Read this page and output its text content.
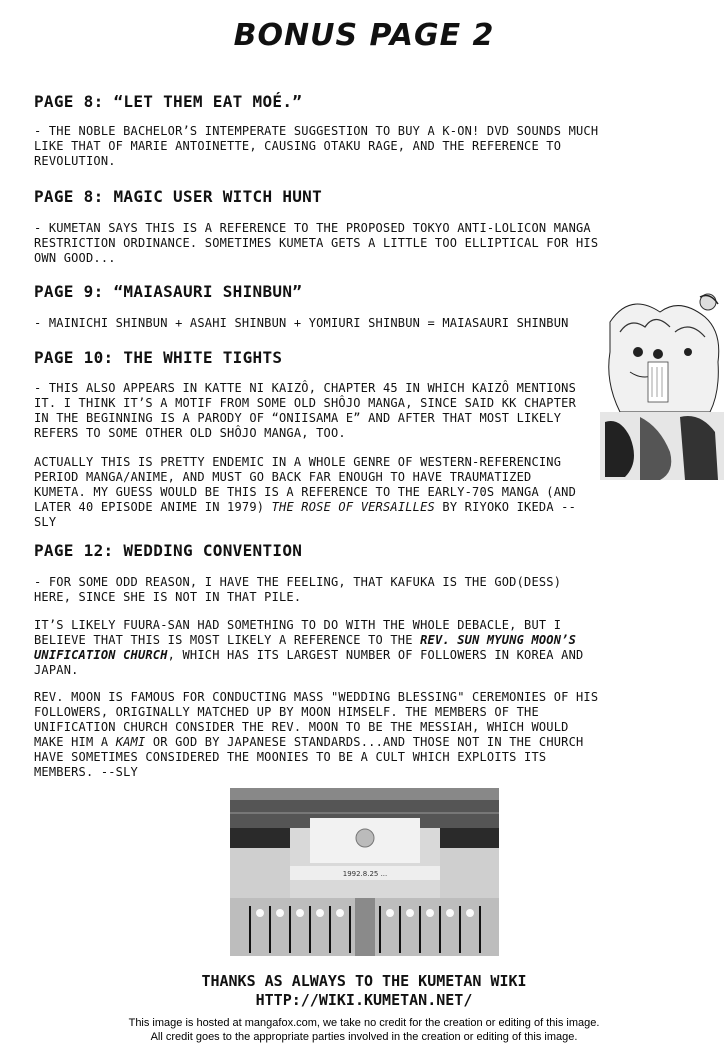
BONUS PAGE 2
PAGE 8: “LET THEM EAT MOÉ.”
- THE NOBLE BACHELOR’S INTEMPERATE SUGGESTION TO BUY A K-ON! DVD SOUNDS MUCH LIKE THAT OF MARIE ANTOINETTE, CAUSING OTAKU RAGE, AND THE REFERENCE TO REVOLUTION.
PAGE 8: MAGIC USER WITCH HUNT
- KUMETAN SAYS THIS IS A REFERENCE TO THE PROPOSED TOKYO ANTI-LOLICON MANGA RESTRICTION ORDINANCE. SOMETIMES KUMETA GETS A LITTLE TOO ELLIPTICAL FOR HIS OWN GOOD...
PAGE 9: “MAIASAURI SHINBUN”
- MAINICHI SHINBUN + ASAHI SHINBUN + YOMIURI SHINBUN = MAIASAURI SHINBUN
PAGE 10: THE WHITE TIGHTS
- THIS ALSO APPEARS IN KATTE NI KAIZÔ, CHAPTER 45 IN WHICH KAIZÔ MENTIONS IT. I THINK IT’S A MOTIF FROM SOME OLD SHÔJO MANGA, SINCE SAID KK CHAPTER IN THE BEGINNING IS A PARODY OF “ONIISAMA E” AND AFTER THAT MOST LIKELY REFERS TO SOME OTHER OLD SHÔJO MANGA, TOO.
ACTUALLY THIS IS PRETTY ENDEMIC IN A WHOLE GENRE OF WESTERN-REFERENCING PERIOD MANGA/ANIME, AND MUST GO BACK FAR ENOUGH TO HAVE TRAUMATIZED KUMETA. MY GUESS WOULD BE THIS IS A REFERENCE TO THE EARLY-70S MANGA (AND LATER 40 EPISODE ANIME IN 1979) THE ROSE OF VERSAILLES BY RIYOKO IKEDA -- SLY
PAGE 12: WEDDING CONVENTION
- FOR SOME ODD REASON, I HAVE THE FEELING, THAT KAFUKA IS THE GOD(DESS) HERE, SINCE SHE IS NOT IN THAT PILE.
IT’S LIKELY FUURA-SAN HAD SOMETHING TO DO WITH THE WHOLE DEBACLE, BUT I BELIEVE THAT THIS IS MOST LIKELY A REFERENCE TO THE REV. SUN MYUNG MOON’S UNIFICATION CHURCH, WHICH HAS ITS LARGEST NUMBER OF FOLLOWERS IN KOREA AND JAPAN.
REV. MOON IS FAMOUS FOR CONDUCTING MASS "WEDDING BLESSING" CEREMONIES OF HIS FOLLOWERS, ORIGINALLY MATCHED UP BY MOON HIMSELF. THE MEMBERS OF THE UNIFICATION CHURCH CONSIDER THE REV. MOON TO BE THE MESSIAH, WHICH WOULD MAKE HIM A KAMI OR GOD BY JAPANESE STANDARDS...AND THOSE NOT IN THE CHURCH HAVE SOMETIMES CONSIDERED THE MOONIES TO BE A CULT WHICH EXPLOITS ITS MEMBERS. --SLY
1992.8.25 ...
THANKS AS ALWAYS TO THE KUMETAN WIKI
HTTP://WIKI.KUMETAN.NET/
This image is hosted at mangafox.com, we take no credit for the creation or editing of this image.
All credit goes to the appropriate parties involved in the creation or editing of this image.
